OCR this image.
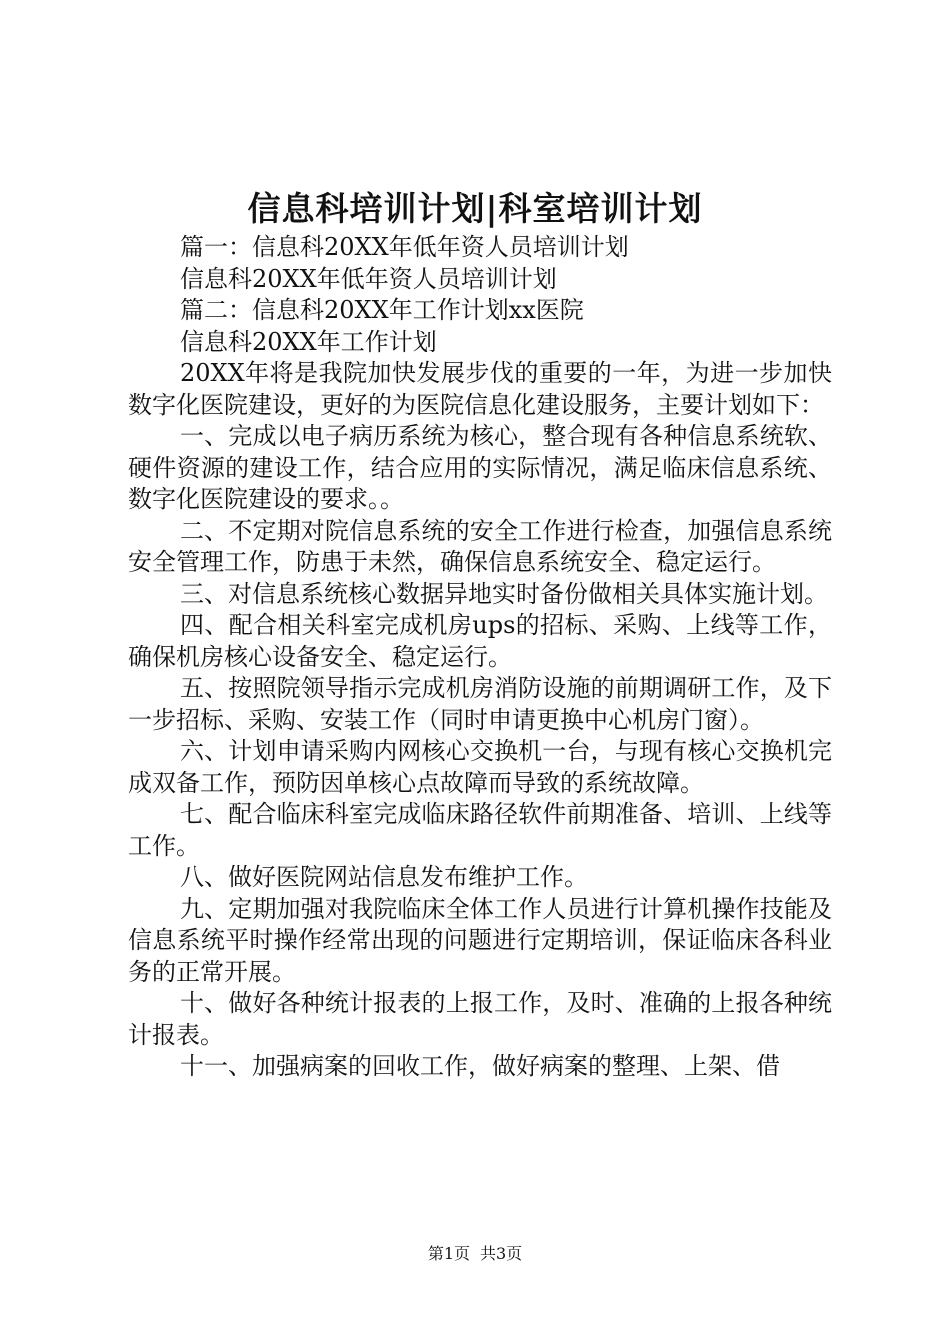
信息科培训计划|科室培训计划

篇一：信息科20XX年低年资人员培训计划

信息科20XX年低年资人员培训计划

篇二：信息科20XX年工作计划xx医院

信息科20XX年工作计划

20XX年将是我院加快发展步伐的重要的一年，为进一步加快数字化医院建设，更好的为医院信息化建设服务，主要计划如下：

一、完成以电子病历系统为核心，整合现有各种信息系统软、硬件资源的建设工作，结合应用的实际情况，满足临床信息系统、数字化医院建设的要求。。

二、不定期对院信息系统的安全工作进行检查，加强信息系统安全管理工作，防患于未然，确保信息系统安全、稳定运行。

三、对信息系统核心数据异地实时备份做相关具体实施计划。

四、配合相关科室完成机房ups的招标、采购、上线等工作，确保机房核心设备安全、稳定运行。

五、按照院领导指示完成机房消防设施的前期调研工作，及下一步招标、采购、安装工作（同时申请更换中心机房门窗）。

六、计划申请采购内网核心交换机一台，与现有核心交换机完成双备工作，预防因单核心点故障而导致的系统故障。

七、配合临床科室完成临床路径软件前期准备、培训、上线等工作。

八、做好医院网站信息发布维护工作。

九、定期加强对我院临床全体工作人员进行计算机操作技能及信息系统平时操作经常出现的问题进行定期培训，保证临床各科业务的正常开展。

十、做好各种统计报表的上报工作，及时、准确的上报各种统计报表。

十一、加强病案的回收工作，做好病案的整理、上架、借

第1页 共3页
